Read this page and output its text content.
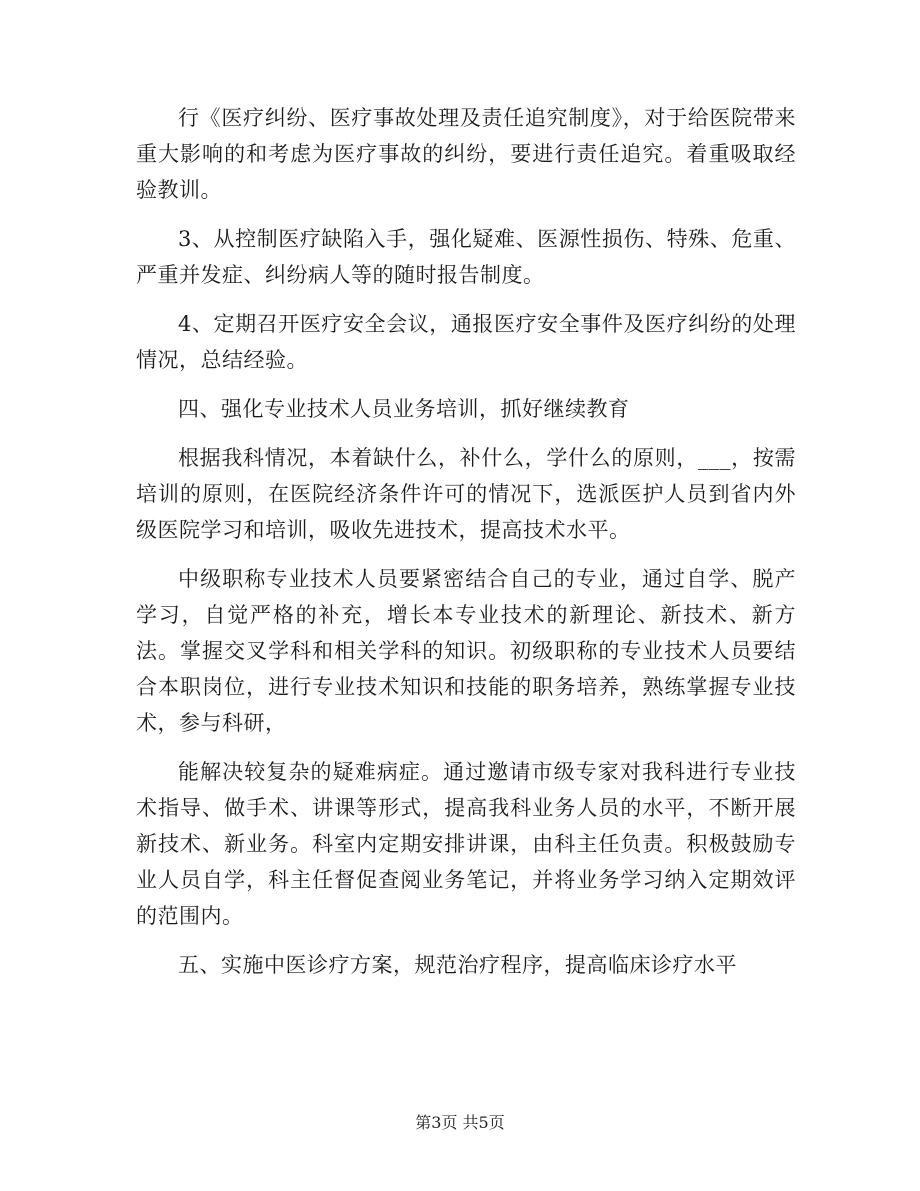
行《医疗纠纷、医疗事故处理及责任追究制度》，对于给医院带来重大影响的和考虑为医疗事故的纠纷，要进行责任追究。着重吸取经验教训。

3、从控制医疗缺陷入手，强化疑难、医源性损伤、特殊、危重、严重并发症、纠纷病人等的随时报告制度。

4、定期召开医疗安全会议，通报医疗安全事件及医疗纠纷的处理情况，总结经验。

四、强化专业技术人员业务培训，抓好继续教育

根据我科情况，本着缺什么，补什么，学什么的原则，___，按需培训的原则，在医院经济条件许可的情况下，选派医护人员到省内外级医院学习和培训，吸收先进技术，提高技术水平。

中级职称专业技术人员要紧密结合自己的专业，通过自学、脱产学习，自觉严格的补充，增长本专业技术的新理论、新技术、新方法。掌握交叉学科和相关学科的知识。初级职称的专业技术人员要结合本职岗位，进行专业技术知识和技能的职务培养，熟练掌握专业技术，参与科研，

能解决较复杂的疑难病症。通过邀请市级专家对我科进行专业技术指导、做手术、讲课等形式，提高我科业务人员的水平，不断开展新技术、新业务。科室内定期安排讲课，由科主任负责。积极鼓励专业人员自学，科主任督促查阅业务笔记，并将业务学习纳入定期效评的范围内。

五、实施中医诊疗方案，规范治疗程序，提高临床诊疗水平

第3页 共5页
